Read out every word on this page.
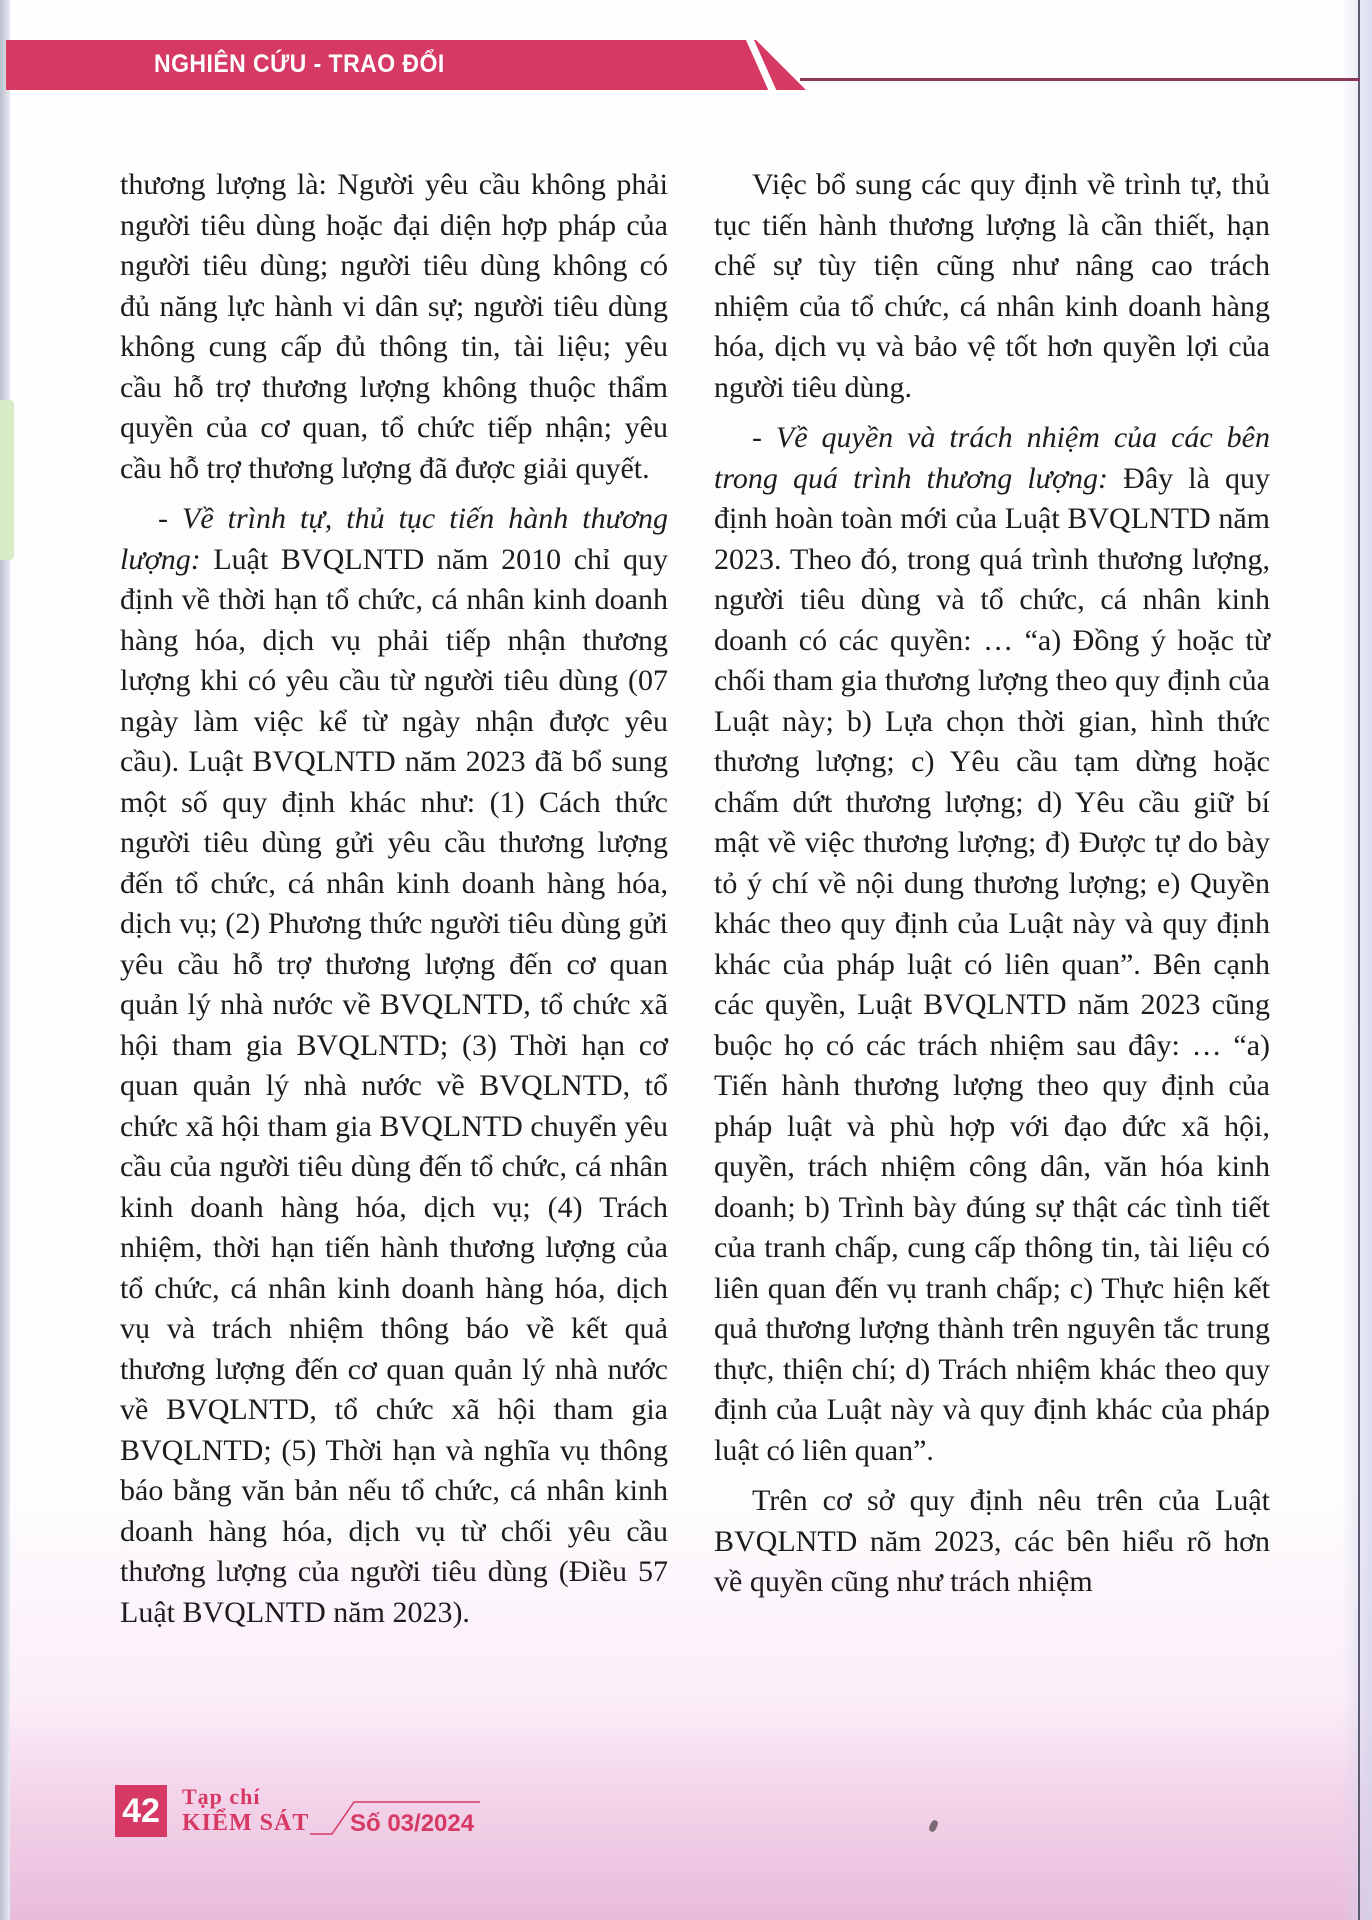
NGHIÊN CỨU - TRAO ĐỔI

thương lượng là: Người yêu cầu không phải người tiêu dùng hoặc đại diện hợp pháp của người tiêu dùng; người tiêu dùng không có đủ năng lực hành vi dân sự; người tiêu dùng không cung cấp đủ thông tin, tài liệu; yêu cầu hỗ trợ thương lượng không thuộc thẩm quyền của cơ quan, tổ chức tiếp nhận; yêu cầu hỗ trợ thương lượng đã được giải quyết.

- Về trình tự, thủ tục tiến hành thương lượng: Luật BVQLNTD năm 2010 chỉ quy định về thời hạn tổ chức, cá nhân kinh doanh hàng hóa, dịch vụ phải tiếp nhận thương lượng khi có yêu cầu từ người tiêu dùng (07 ngày làm việc kể từ ngày nhận được yêu cầu). Luật BVQLNTD năm 2023 đã bổ sung một số quy định khác như: (1) Cách thức người tiêu dùng gửi yêu cầu thương lượng đến tổ chức, cá nhân kinh doanh hàng hóa, dịch vụ; (2) Phương thức người tiêu dùng gửi yêu cầu hỗ trợ thương lượng đến cơ quan quản lý nhà nước về BVQLNTD, tổ chức xã hội tham gia BVQLNTD; (3) Thời hạn cơ quan quản lý nhà nước về BVQLNTD, tổ chức xã hội tham gia BVQLNTD chuyển yêu cầu của người tiêu dùng đến tổ chức, cá nhân kinh doanh hàng hóa, dịch vụ; (4) Trách nhiệm, thời hạn tiến hành thương lượng của tổ chức, cá nhân kinh doanh hàng hóa, dịch vụ và trách nhiệm thông báo về kết quả thương lượng đến cơ quan quản lý nhà nước về BVQLNTD, tổ chức xã hội tham gia BVQLNTD; (5) Thời hạn và nghĩa vụ thông báo bằng văn bản nếu tổ chức, cá nhân kinh doanh hàng hóa, dịch vụ từ chối yêu cầu thương lượng của người tiêu dùng (Điều 57 Luật BVQLNTD năm 2023).

Việc bổ sung các quy định về trình tự, thủ tục tiến hành thương lượng là cần thiết, hạn chế sự tùy tiện cũng như nâng cao trách nhiệm của tổ chức, cá nhân kinh doanh hàng hóa, dịch vụ và bảo vệ tốt hơn quyền lợi của người tiêu dùng.

- Về quyền và trách nhiệm của các bên trong quá trình thương lượng: Đây là quy định hoàn toàn mới của Luật BVQLNTD năm 2023. Theo đó, trong quá trình thương lượng, người tiêu dùng và tổ chức, cá nhân kinh doanh có các quyền: … “a) Đồng ý hoặc từ chối tham gia thương lượng theo quy định của Luật này; b) Lựa chọn thời gian, hình thức thương lượng; c) Yêu cầu tạm dừng hoặc chấm dứt thương lượng; d) Yêu cầu giữ bí mật về việc thương lượng; đ) Được tự do bày tỏ ý chí về nội dung thương lượng; e) Quyền khác theo quy định của Luật này và quy định khác của pháp luật có liên quan”. Bên cạnh các quyền, Luật BVQLNTD năm 2023 cũng buộc họ có các trách nhiệm sau đây: … “a) Tiến hành thương lượng theo quy định của pháp luật và phù hợp với đạo đức xã hội, quyền, trách nhiệm công dân, văn hóa kinh doanh; b) Trình bày đúng sự thật các tình tiết của tranh chấp, cung cấp thông tin, tài liệu có liên quan đến vụ tranh chấp; c) Thực hiện kết quả thương lượng thành trên nguyên tắc trung thực, thiện chí; d) Trách nhiệm khác theo quy định của Luật này và quy định khác của pháp luật có liên quan”.

Trên cơ sở quy định nêu trên của Luật BVQLNTD năm 2023, các bên hiểu rõ hơn về quyền cũng như trách nhiệm

42	Tạp chí
KIỂM SÁT Số 03/2024
